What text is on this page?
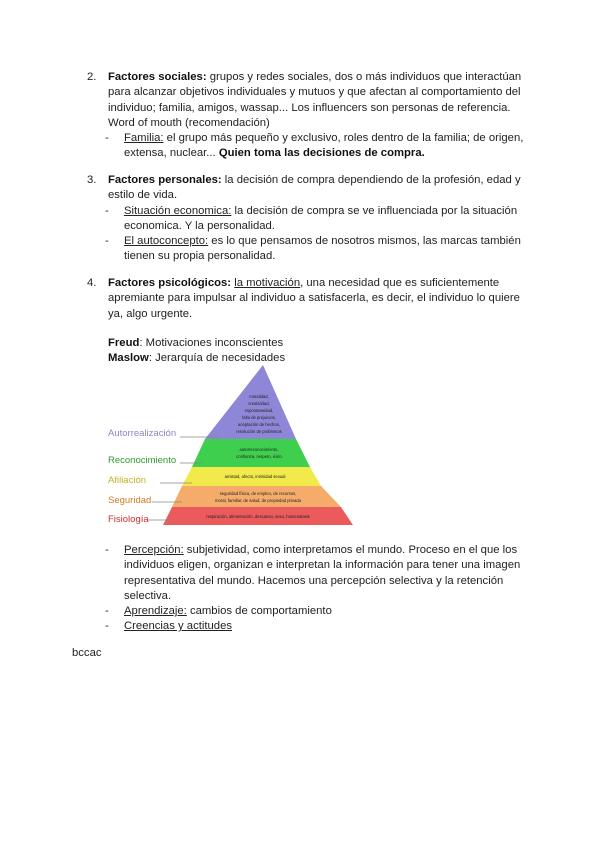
2.	Factores sociales: grupos y redes sociales, dos o más individuos que interactúan para alcanzar objetivos individuales y mutuos y que afectan al comportamiento del individuo; familia, amigos, wassap... Los influencers son personas de referencia. Word of mouth (recomendación)
- Familia: el grupo más pequeño y exclusivo, roles dentro de la familia; de origen, extensa, nuclear... Quien toma las decisiones de compra.
3.	Factores personales: la decisión de compra dependiendo de la profesión, edad y estilo de vida.
- Situación economica: la decisión de compra se ve influenciada por la situación economica. Y la personalidad.
- El autoconcepto: es lo que pensamos de nosotros mismos, las marcas también tienen su propia personalidad.
4.	Factores psicológicos: la motivación, una necesidad que es suficientemente apremiante para impulsar al individuo a satisfacerla, es decir, el individuo lo quiere ya, algo urgente.
Freud: Motivaciones inconscientes
Maslow: Jerarquía de necesidades
Autorrealización
Reconocimiento
Afiliación
Seguridad
Fisiología
moralidad,
creatividad,
espontaneidad,
falta de prejuicios,
aceptación de hechos,
resolución de problemas
autorreconocimiento,
confianza, respeto, éxito
amistad, afecto, intimidad sexual
seguridad física, de empleo, de recursos,
moral, familiar, de salud, de propiedad privada
respiración, alimentación, descanso, sexo, homeostasis
- Percepción: subjetividad, como interpretamos el mundo. Proceso en el que los individuos eligen, organizan e interpretan la información para tener una imagen representativa del mundo. Hacemos una percepción selectiva y la retención selectiva.
- Aprendizaje: cambios de comportamiento
- Creencias y actitudes
bccac
